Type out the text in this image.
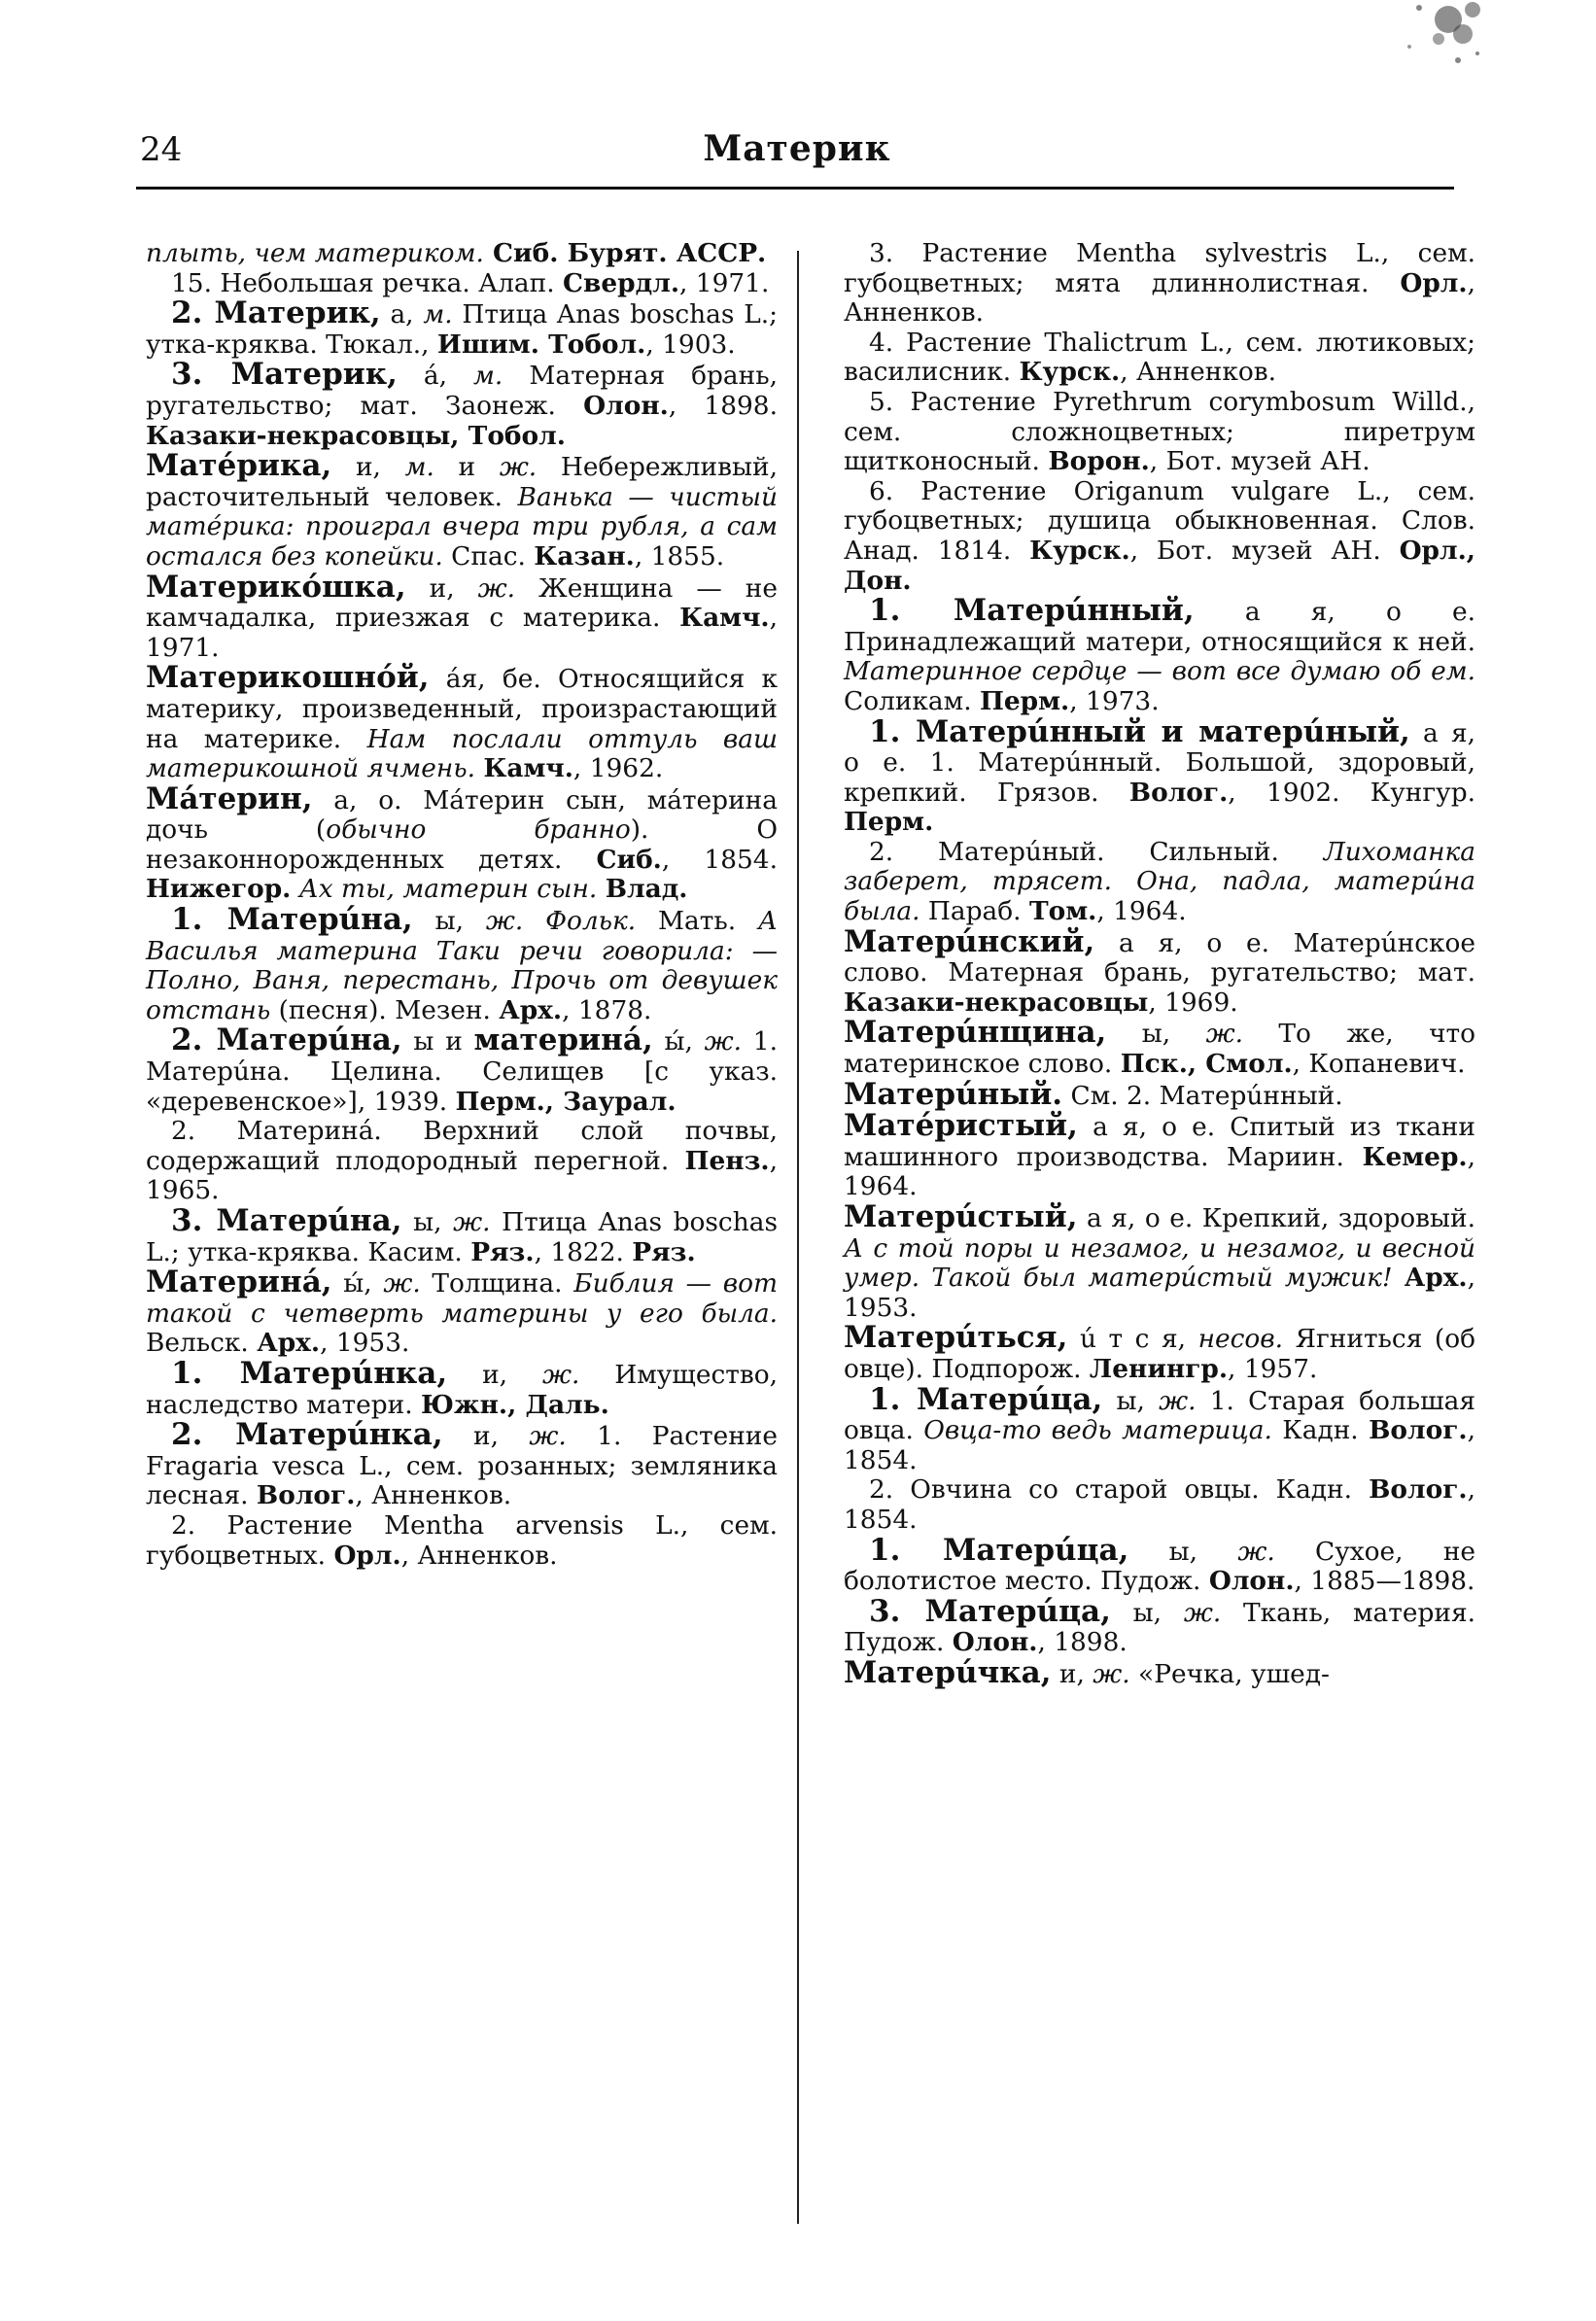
24	Материк

плыть, чем материком. Сиб. Бурят. АССР.

15. Небольшая речка. Алап. Свердл., 1971.

2. Материк, а, м. Птица Anas boschas L.; утка-кряква. Тюкал., Ишим. Тобол., 1903.

3. Материк, á, м. Матерная брань, ругательство; мат. Заонеж. Олон., 1898. Казаки-некрасовцы, Тобол.

Матéрика, и, м. и ж. Небережливый, расточительный человек. Ванька — чистый матéрика: проиграл вчера три рубля, а сам остался без копейки. Спас. Казан., 1855.

Материкóшка, и, ж. Женщина — не камчадалка, приезжая с материка. Камч., 1971.

Материкошнóй, áя, бе. Относящийся к материку, произведенный, произрастающий на материке. Нам послали оттуль ваш материкошной ячмень. Камч., 1962.

Мáтерин, а, о. Мáтерин сын, мáтерина дочь (обычно бранно). О незаконнорожденных детях. Сиб., 1854. Нижегор. Ах ты, материн сын. Влад.

1. Матерúна, ы, ж. Фольк. Мать. А Василья материна Таки речи говорила: — Полно, Ваня, перестань, Прочь от девушек отстань (песня). Мезен. Арх., 1878.

2. Матерúна, ы и материнá, ы́, ж. 1. Матерúна. Целина. Селищев [с указ. «деревенское»], 1939. Перм., Заурал.

2. Материнá. Верхний слой почвы, содержащий плодородный перегной. Пенз., 1965.

3. Матерúна, ы, ж. Птица Anas boschas L.; утка-кряква. Касим. Ряз., 1822. Ряз.

Материнá, ы́, ж. Толщина. Библия — вот такой с четверть материны у его была. Вельск. Арх., 1953.

1. Матерúнка, и, ж. Имущество, наследство матери. Южн., Даль.

2. Матерúнка, и, ж. 1. Растение Fragaria vesca L., сем. розанных; земляника лесная. Волог., Анненков.

2. Растение Mentha arvensis L., сем. губоцветных. Орл., Анненков.

3. Растение Mentha sylvestris L., сем. губоцветных; мята длиннолистная. Орл., Анненков.

4. Растение Thalictrum L., сем. лютиковых; василисник. Курск., Анненков.

5. Растение Pyrethrum corymbosum Willd., сем. сложноцветных; пиретрум щитконосный. Ворон., Бот. музей АН.

6. Растение Origanum vulgare L., сем. губоцветных; душица обыкновенная. Слов. Анад. 1814. Курск., Бот. музей АН. Орл., Дон.

1. Матерúнный, а я, о е. Принадлежащий матери, относящийся к ней. Материнное сердце — вот все думаю об ем. Соликам. Перм., 1973.

1. Матерúнный и матерúный, а я, о е. 1. Матерúнный. Большой, здоровый, крепкий. Грязов. Волог., 1902. Кунгур. Перм.

2. Матерúный. Сильный. Лихоманка заберет, трясет. Она, падла, матерúна была. Параб. Том., 1964.

Матерúнский, а я, о е. Матерúнское слово. Матерная брань, ругательство; мат. Казаки-некрасовцы, 1969.

Матерúнщина, ы, ж. То же, что материнское слово. Пск., Смол., Копаневич.

Матерúный. См. 2. Матерúнный.

Матéристый, а я, о е. Спитый из ткани машинного производства. Мариин. Кемер., 1964.

Матерúстый, а я, о е. Крепкий, здоровый. А с той поры и незамог, и незамог, и весной умер. Такой был матерúстый мужик! Арх., 1953.

Матерúться, ú т с я, несов. Ягниться (об овце). Подпорож. Ленингр., 1957.

1. Матерúца, ы, ж. 1. Старая большая овца. Овца-то ведь материца. Кадн. Волог., 1854.

2. Овчина со старой овцы. Кадн. Волог., 1854.

1. Матерúца, ы, ж. Сухое, не болотистое место. Пудож. Олон., 1885—1898.

3. Матерúца, ы, ж. Ткань, материя. Пудож. Олон., 1898.

Матерúчка, и, ж. «Речка, ушед-
